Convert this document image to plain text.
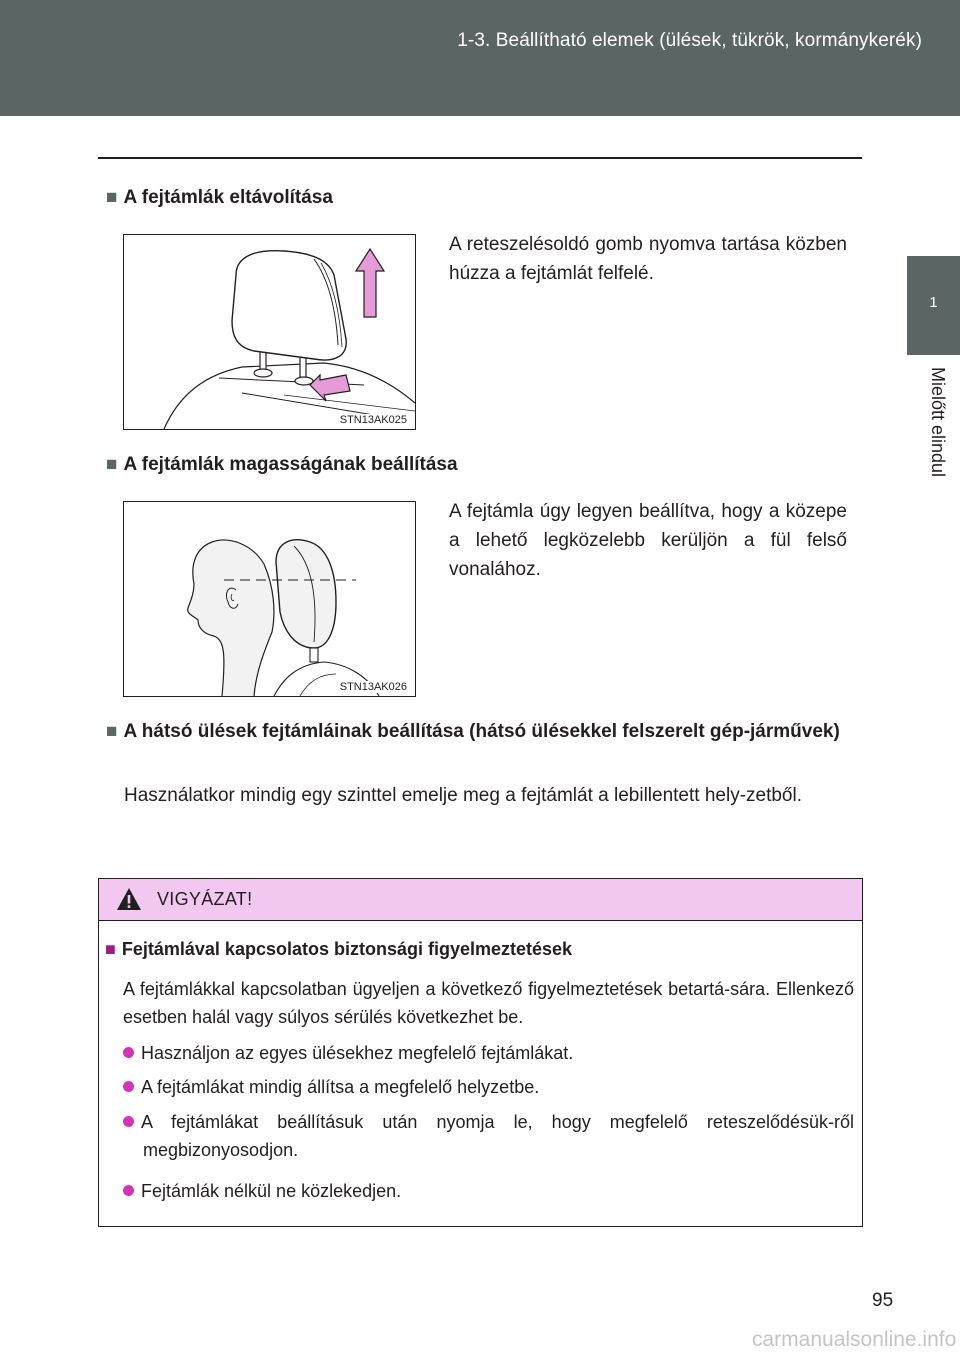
1-3. Beállítható elemek (ülések, tükrök, kormánykerék)
1
Mielőtt elindul
■ A fejtámlák eltávolítása
STN13AK025
A reteszelésoldó gomb nyomva tartása közben húzza a fejtámlát felfelé.
■ A fejtámlák magasságának beállítása
STN13AK026
A fejtámla úgy legyen beállítva, hogy a közepe a lehető legközelebb kerüljön a fül felső vonalához.
■ A hátsó ülések fejtámláinak beállítása (hátsó ülésekkel felszerelt gép-járművek)
Használatkor mindig egy szinttel emelje meg a fejtámlát a lebillentett hely-zetből.
VIGYÁZAT!
■ Fejtámlával kapcsolatos biztonsági figyelmeztetések
A fejtámlákkal kapcsolatban ügyeljen a következő figyelmeztetések betartá-sára. Ellenkező esetben halál vagy súlyos sérülés következhet be.
Használjon az egyes ülésekhez megfelelő fejtámlákat.
A fejtámlákat mindig állítsa a megfelelő helyzetbe.
A fejtámlákat beállításuk után nyomja le, hogy megfelelő reteszelődésük-ről megbizonyosodjon.
Fejtámlák nélkül ne közlekedjen.
95
carmanualsonline.info
